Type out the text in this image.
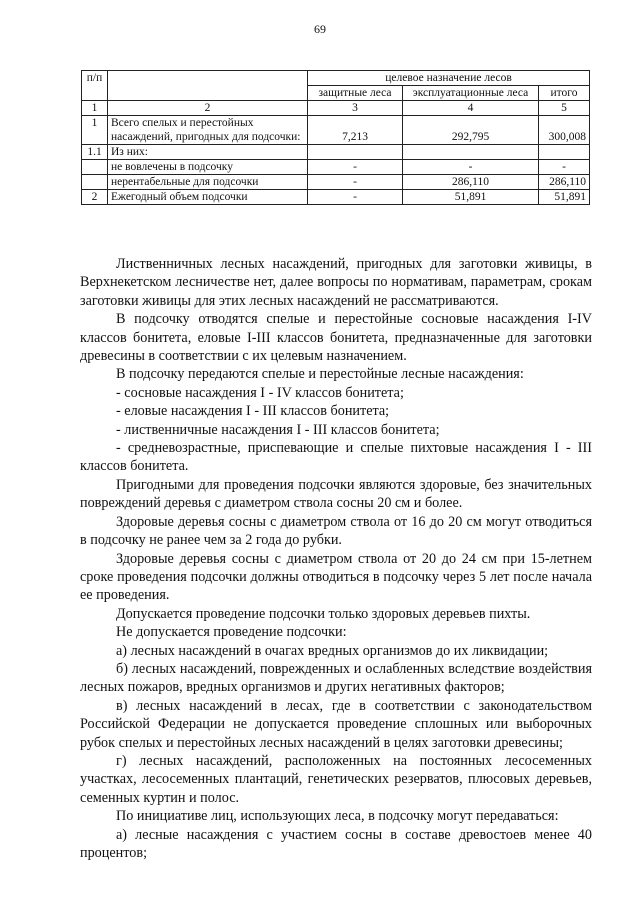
69
п/п		целевое назначение лесов		
		защитные леса	эксплуатационные леса	итого
1	2	3	4	5
1	Всего спелых и перестойных насаждений, пригодных для подсочки:	7,213	292,795	300,008
1.1	Из них:			
	не вовлечены в подсочку	-	-	-
	нерентабельные для подсочки	-	286,110	286,110
2	Ежегодный объем подсочки	-	51,891	51,891

Лиственничных лесных насаждений, пригодных для заготовки живицы, в Верхнекетском лесничестве нет, далее вопросы по нормативам, параметрам, срокам заготовки живицы для этих лесных насаждений не рассматриваются.

В подсочку отводятся спелые и перестойные сосновые насаждения I-IV классов бонитета, еловые I-III классов бонитета, предназначенные для заготовки древесины в соответствии с их целевым назначением.

В подсочку передаются спелые и перестойные лесные насаждения:

- сосновые насаждения I - IV классов бонитета;

- еловые насаждения I - III классов бонитета;

- лиственничные насаждения I - III классов бонитета;

- средневозрастные, приспевающие и спелые пихтовые насаждения I - III классов бонитета.

Пригодными для проведения подсочки являются здоровые, без значительных повреждений деревья с диаметром ствола сосны 20 см и более.

Здоровые деревья сосны с диаметром ствола от 16 до 20 см могут отводиться в подсочку не ранее чем за 2 года до рубки.

Здоровые деревья сосны с диаметром ствола от 20 до 24 см при 15-летнем сроке проведения подсочки должны отводиться в подсочку через 5 лет после начала ее проведения.

Допускается проведение подсочки только здоровых деревьев пихты.

Не допускается проведение подсочки:

а) лесных насаждений в очагах вредных организмов до их ликвидации;

б) лесных насаждений, поврежденных и ослабленных вследствие воздействия лесных пожаров, вредных организмов и других негативных факторов;

в) лесных насаждений в лесах, где в соответствии с законодательством Российской Федерации не допускается проведение сплошных или выборочных рубок спелых и перестойных лесных насаждений в целях заготовки древесины;

г) лесных насаждений, расположенных на постоянных лесосеменных участках, лесосеменных плантаций, генетических резерватов, плюсовых деревьев, семенных куртин и полос.

По инициативе лиц, использующих леса, в подсочку могут передаваться:

а) лесные насаждения с участием сосны в составе древостоев менее 40 процентов;
